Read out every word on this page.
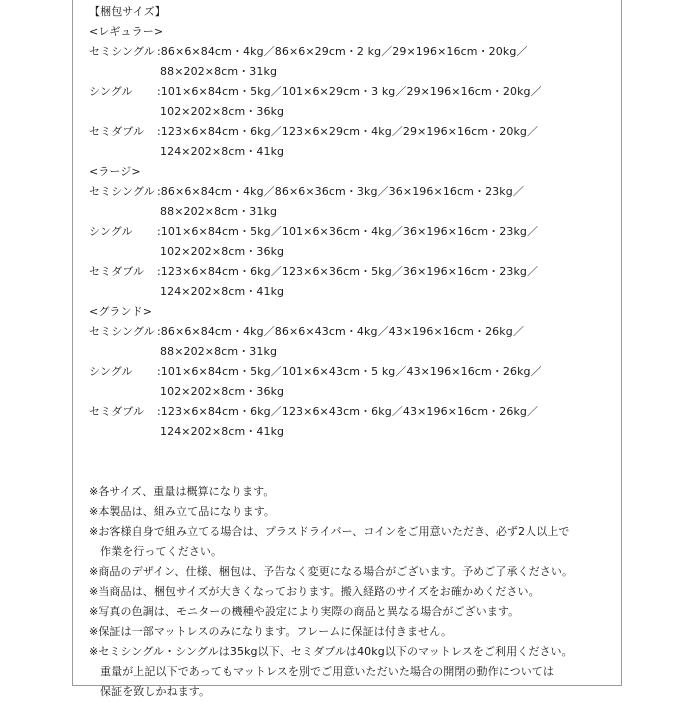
【梱包サイズ】
<レギュラー>
セミシングル :86×6×84cm・4kg／86×6×29cm・2 kg／29×196×16cm・20kg／
88×202×8cm・31kg
シングル	:101×6×84cm・5kg／101×6×29cm・3 kg／29×196×16cm・20kg／
102×202×8cm・36kg
セミダブル	:123×6×84cm・6kg／123×6×29cm・4kg／29×196×16cm・20kg／
124×202×8cm・41kg
<ラージ>
セミシングル :86×6×84cm・4kg／86×6×36cm・3kg／36×196×16cm・23kg／
88×202×8cm・31kg
シングル	:101×6×84cm・5kg／101×6×36cm・4kg／36×196×16cm・23kg／
102×202×8cm・36kg
セミダブル	:123×6×84cm・6kg／123×6×36cm・5kg／36×196×16cm・23kg／
124×202×8cm・41kg
<グランド>
セミシングル :86×6×84cm・4kg／86×6×43cm・4kg／43×196×16cm・26kg／
88×202×8cm・31kg
シングル	:101×6×84cm・5kg／101×6×43cm・5 kg／43×196×16cm・26kg／
102×202×8cm・36kg
セミダブル	:123×6×84cm・6kg／123×6×43cm・6kg／43×196×16cm・26kg／
124×202×8cm・41kg
※各サイズ、重量は概算になります。
※本製品は、組み立て品になります。
※お客様自身で組み立てる場合は、プラスドライバー、コインをご用意いただき、必ず2人以上で
作業を行ってください。
※商品のデザイン、仕様、梱包は、予告なく変更になる場合がございます。予めご了承ください。
※当商品は、梱包サイズが大きくなっております。搬入経路のサイズをお確かめください。
※写真の色調は、モニターの機種や設定により実際の商品と異なる場合がございます。
※保証は一部マットレスのみになります。フレームに保証は付きません。
※セミシングル・シングルは35kg以下、セミダブルは40kg以下のマットレスをご利用ください。
重量が上記以下であってもマットレスを別でご用意いただいた場合の開閉の動作については
保証を致しかねます。
